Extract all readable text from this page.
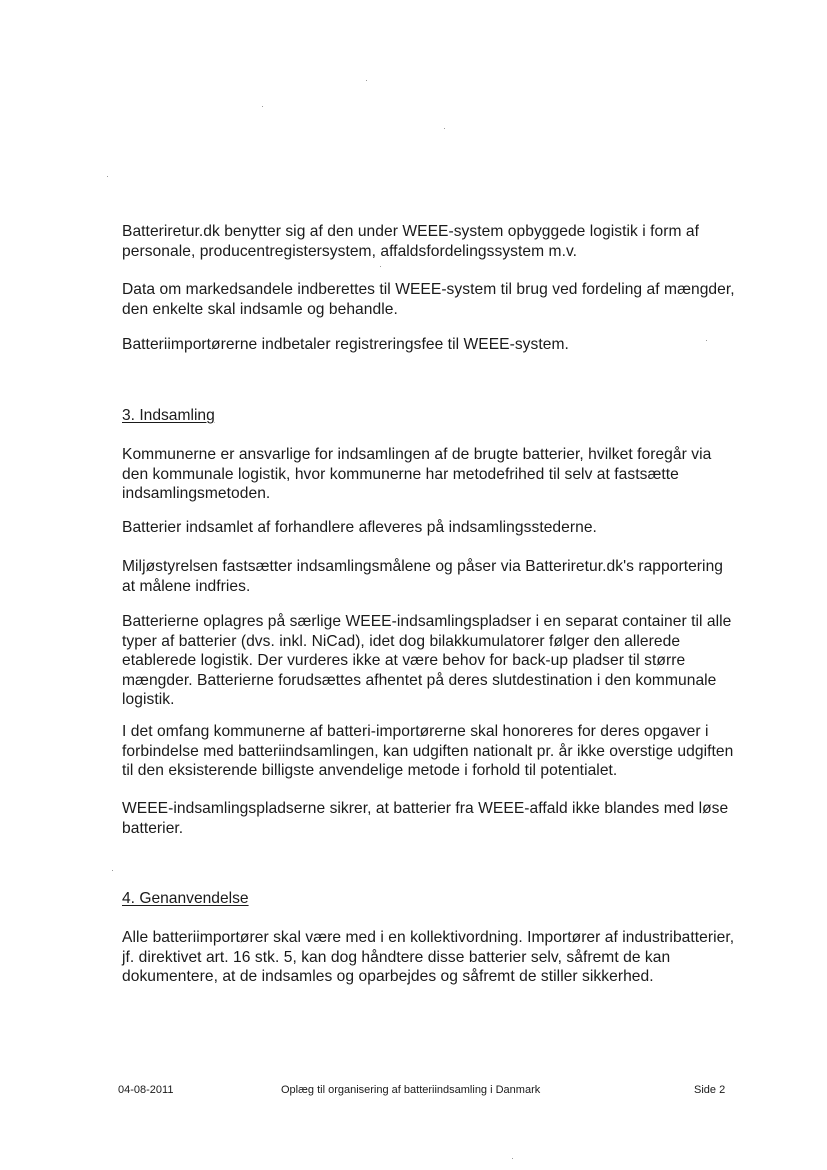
Batteriretur.dk benytter sig af den under WEEE-system opbyggede logistik i form af personale, producentregistersystem, affaldsfordelingssystem m.v.
Data om markedsandele indberettes til WEEE-system til brug ved fordeling af mængder, den enkelte skal indsamle og behandle.
Batteriimportørerne indbetaler registreringsfee til WEEE-system.
3. Indsamling
Kommunerne er ansvarlige for indsamlingen af de brugte batterier, hvilket foregår via den kommunale logistik, hvor kommunerne har metodefrihed til selv at fastsætte indsamlingsmetoden.
Batterier indsamlet af forhandlere afleveres på indsamlingsstederne.
Miljøstyrelsen fastsætter indsamlingsmålene og påser via Batteriretur.dk's rapportering at målene indfries.
Batterierne oplagres på særlige WEEE-indsamlingspladser i en separat container til alle typer af batterier (dvs. inkl. NiCad), idet dog bilakkumulatorer følger den allerede etablerede logistik. Der vurderes ikke at være behov for back-up pladser til større mængder. Batterierne forudsættes afhentet på deres slutdestination i den kommunale logistik.
I det omfang kommunerne af batteri-importørerne skal honoreres for deres opgaver i forbindelse med batteriindsamlingen, kan udgiften nationalt pr. år ikke overstige udgiften til den eksisterende billigste anvendelige metode i forhold til potentialet.
WEEE-indsamlingspladserne sikrer, at batterier fra WEEE-affald ikke blandes med løse batterier.
4. Genanvendelse
Alle batteriimportører skal være med i en kollektivordning. Importører af industribatterier, jf. direktivet art. 16 stk. 5, kan dog håndtere disse batterier selv, såfremt de kan dokumentere, at de indsamles og oparbejdes og såfremt de stiller sikkerhed.
04-08-2011	Oplæg til organisering af batteriindsamling i Danmark	Side 2
